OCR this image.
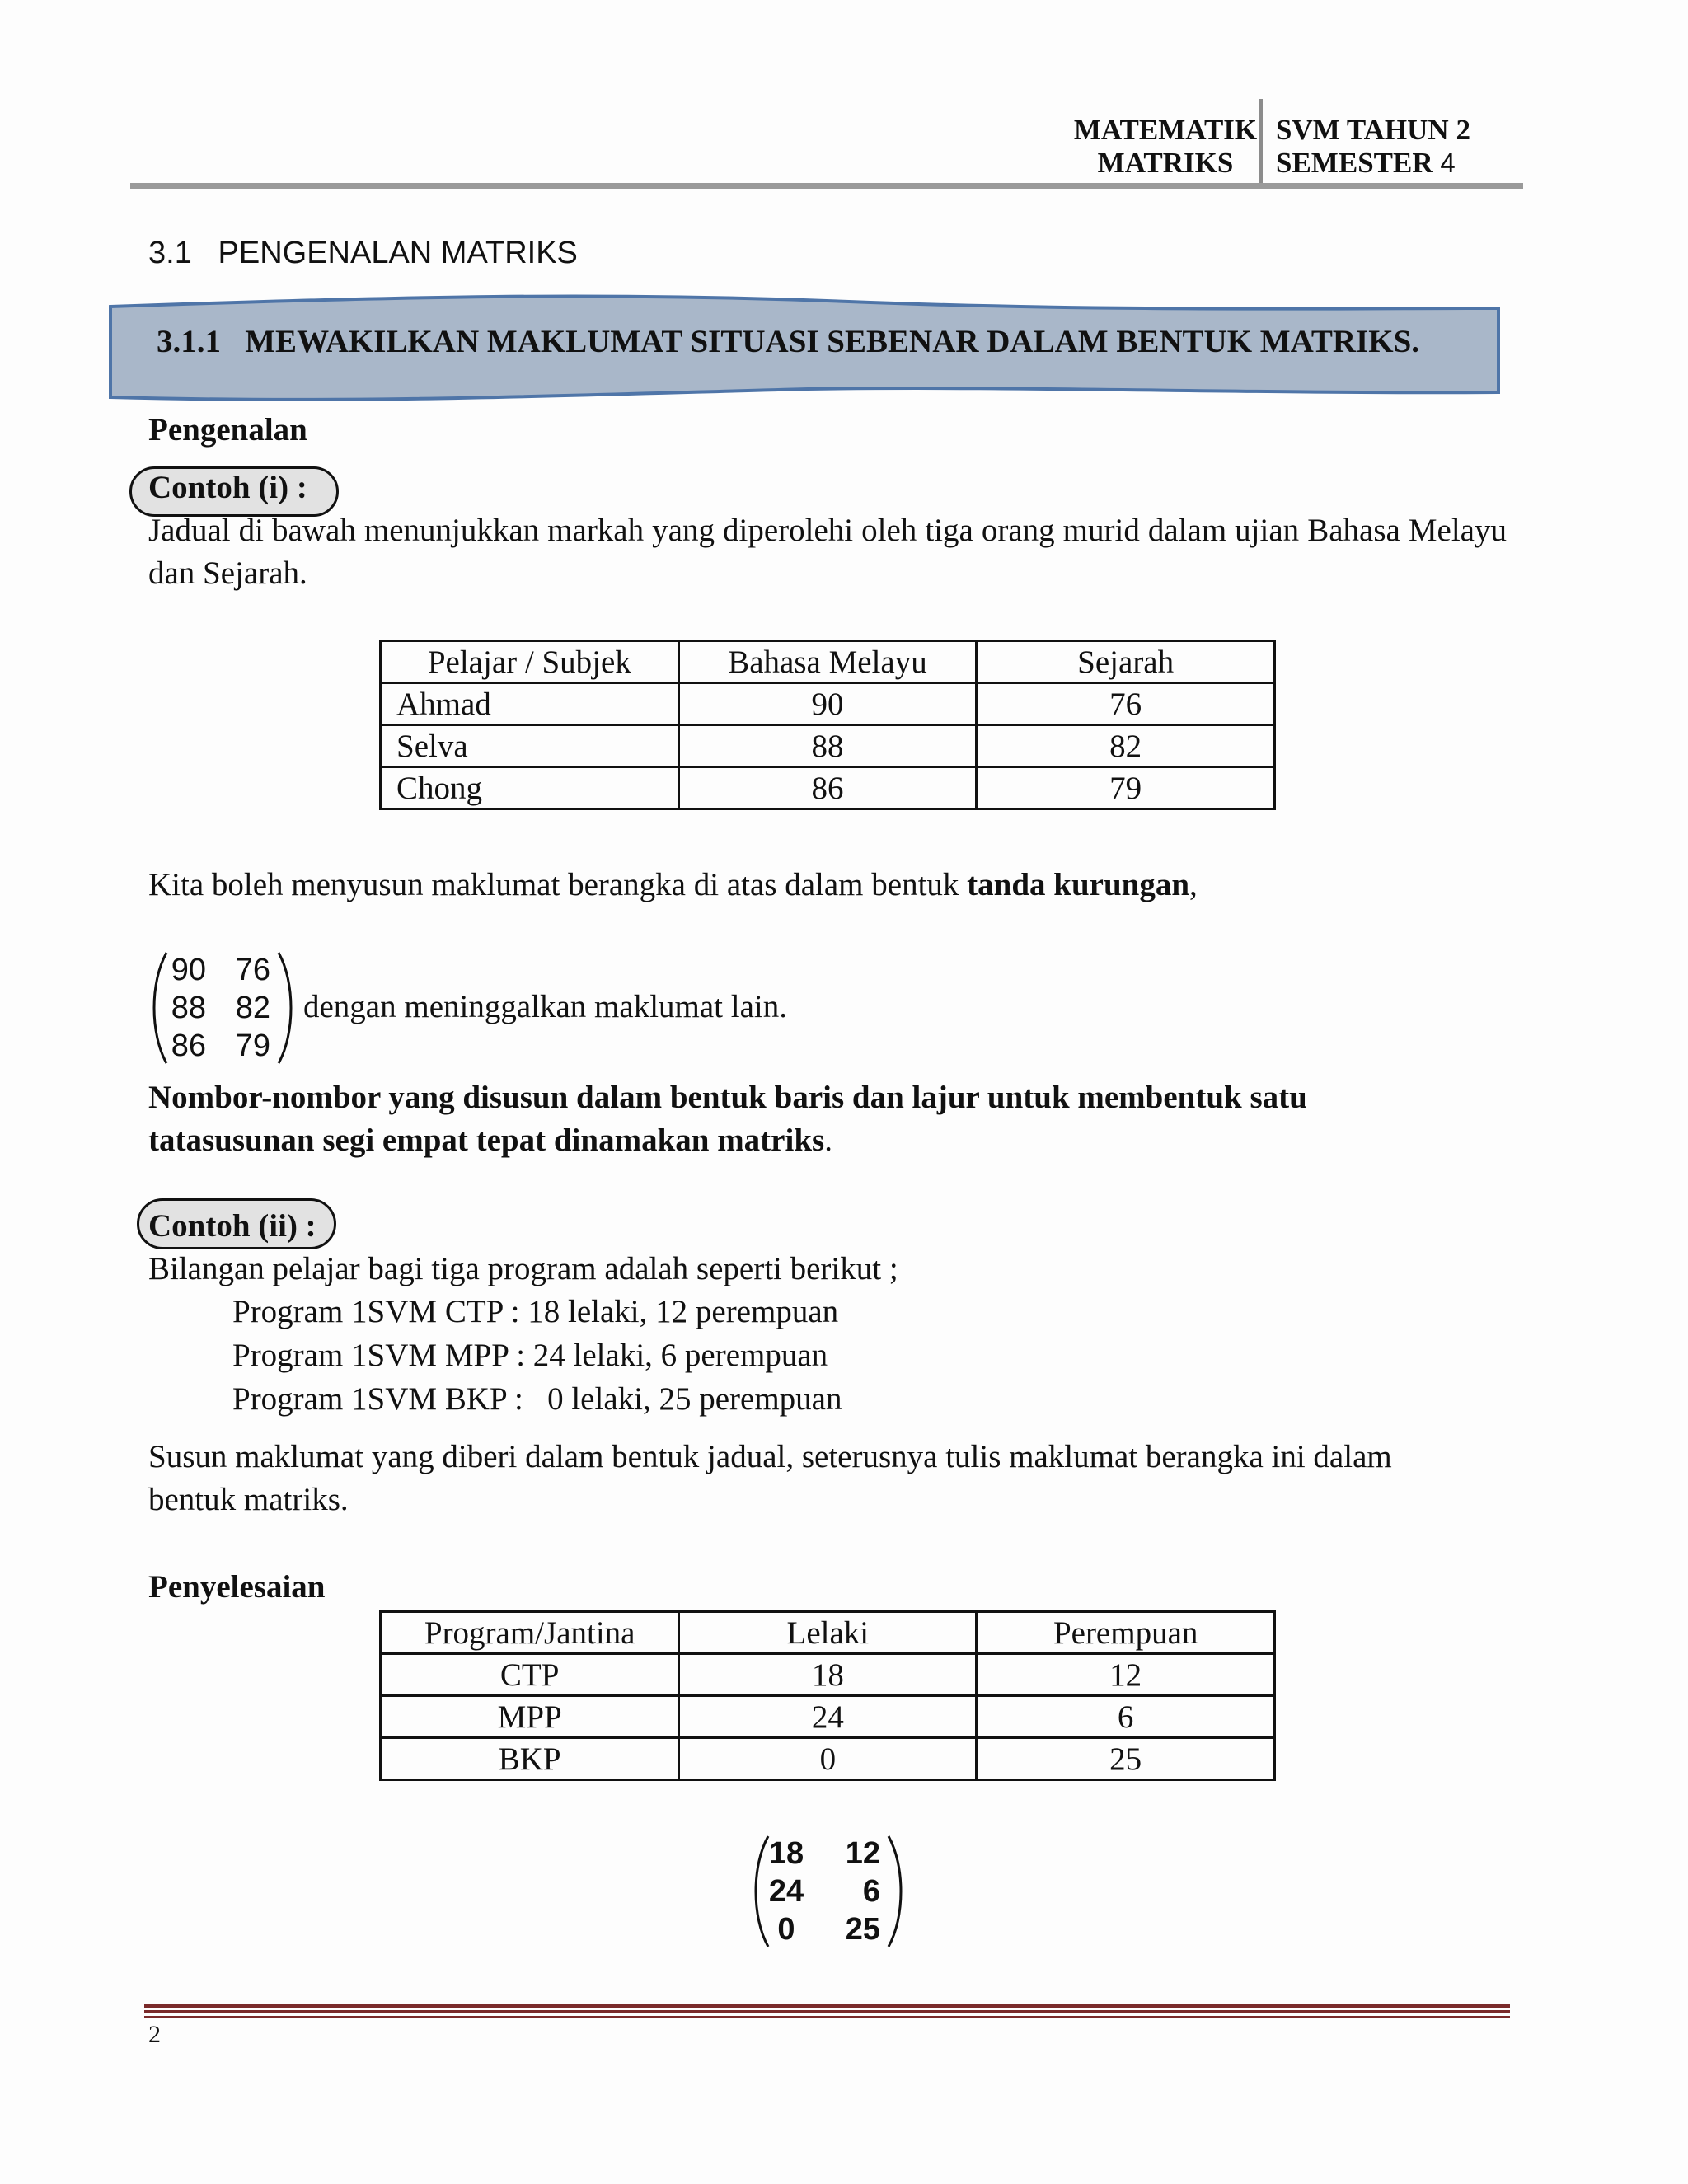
MATEMATIK
MATRIKS
SVM TAHUN 2
SEMESTER 4
3.1   PENGENALAN MATRIKS
3.1.1   MEWAKILKAN MAKLUMAT SITUASI SEBENAR DALAM BENTUK MATRIKS.
Pengenalan
Contoh (i) :
Jadual di bawah menunjukkan markah yang diperolehi oleh tiga orang murid dalam ujian Bahasa Melayu dan Sejarah.
Pelajar / Subjek	Bahasa Melayu	Sejarah
Ahmad	90	76
Selva	88	82
Chong	86	79
Kita boleh menyusun maklumat berangka di atas dalam bentuk tanda kurungan,
90 76
88 82
86 79
dengan meninggalkan maklumat lain.
Nombor-nombor yang disusun dalam bentuk baris dan lajur untuk membentuk satu tatasusunan segi empat tepat dinamakan matriks.
Contoh (ii) :
Bilangan pelajar bagi tiga program adalah seperti berikut ;
Program 1SVM CTP : 18 lelaki, 12 perempuan
Program 1SVM MPP : 24 lelaki, 6 perempuan
Program 1SVM BKP :   0 lelaki, 25 perempuan
Susun maklumat yang diberi dalam bentuk jadual, seterusnya tulis maklumat berangka ini dalam bentuk matriks.
Penyelesaian
Program/Jantina	Lelaki	Perempuan
CTP	18	12
MPP	24	6
BKP	0	25
18	12
24	6
0	25
2
